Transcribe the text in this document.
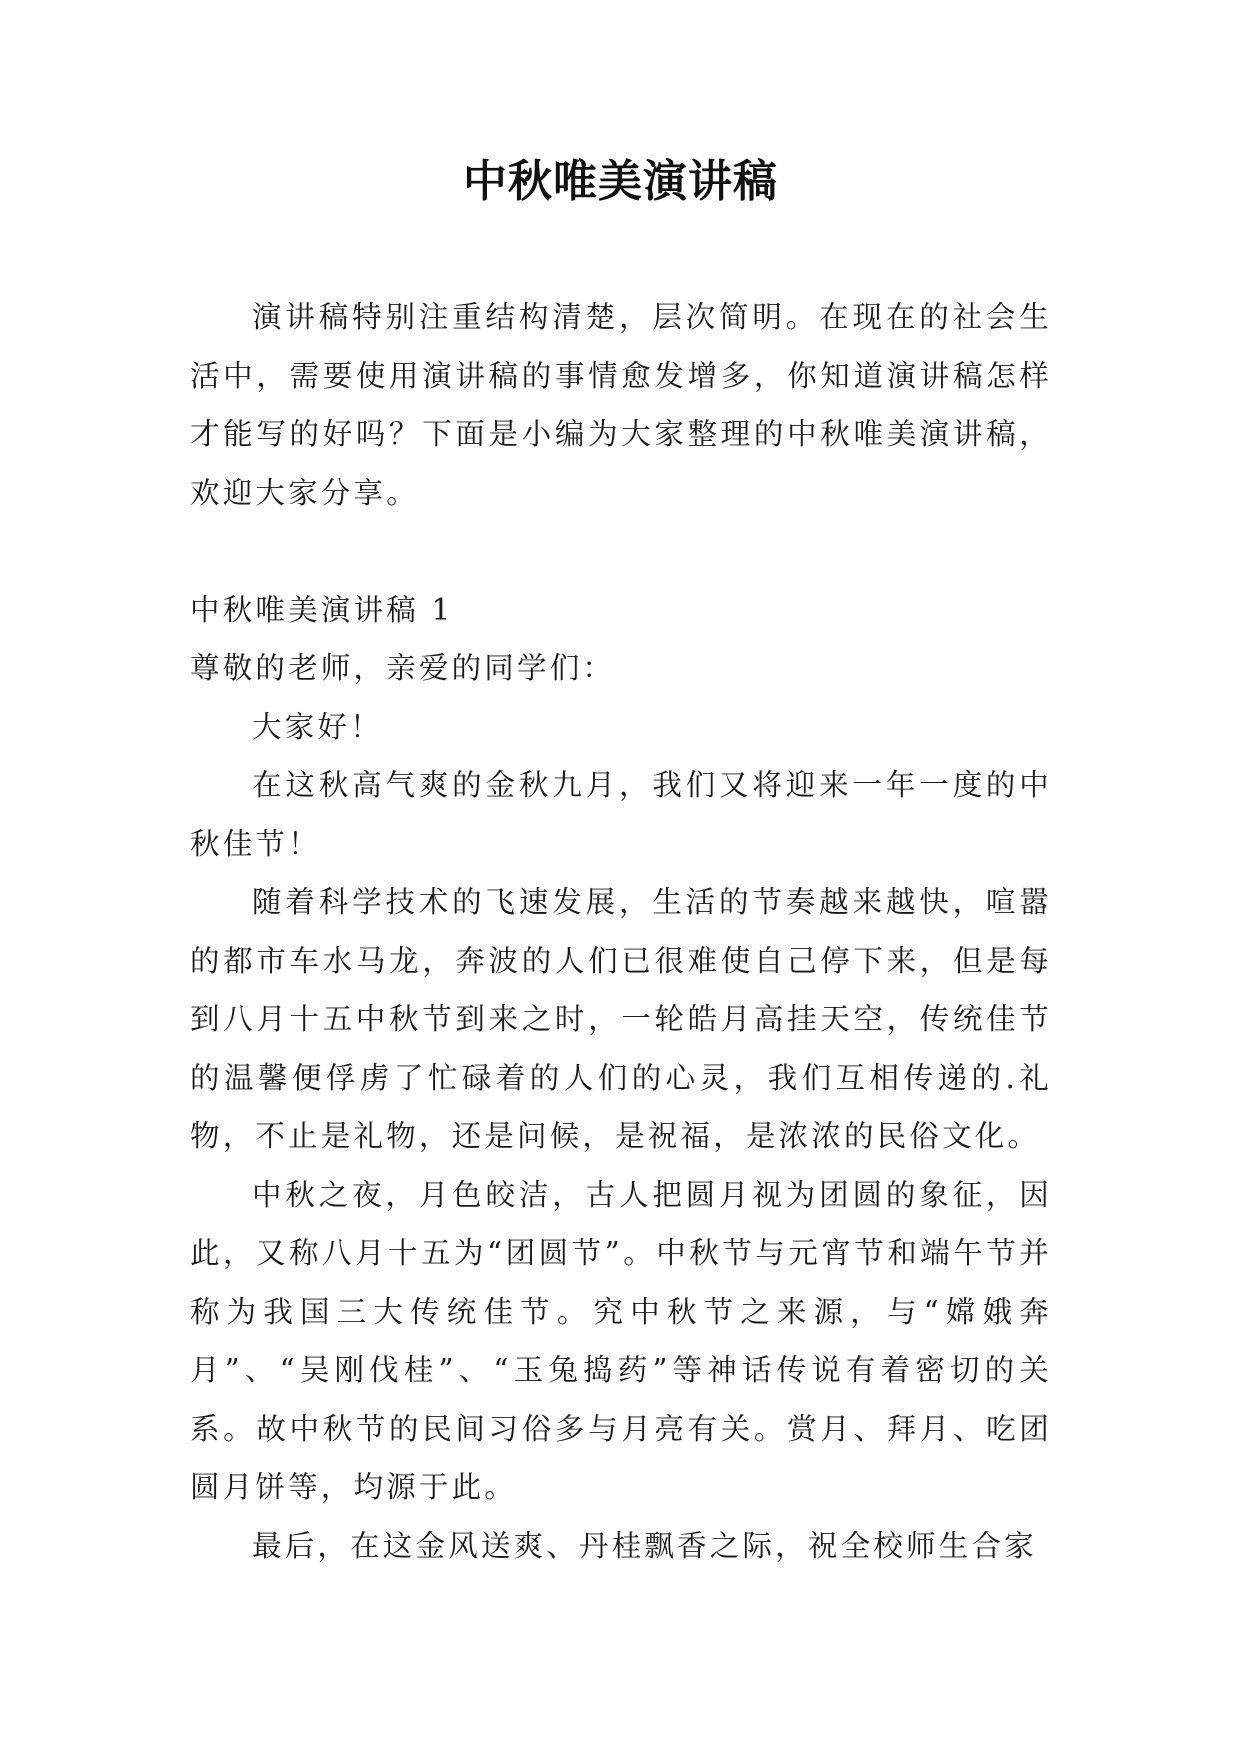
中秋唯美演讲稿

演讲稿特别注重结构清楚，层次简明。在现在的社会生活中，需要使用演讲稿的事情愈发增多，你知道演讲稿怎样才能写的好吗？下面是小编为大家整理的中秋唯美演讲稿，欢迎大家分享。

中秋唯美演讲稿 1

尊敬的老师，亲爱的同学们：

大家好！

在这秋高气爽的金秋九月，我们又将迎来一年一度的中秋佳节！

随着科学技术的飞速发展，生活的节奏越来越快，喧嚣的都市车水马龙，奔波的人们已很难使自己停下来，但是每到八月十五中秋节到来之时，一轮皓月高挂天空，传统佳节的温馨便俘虏了忙碌着的人们的心灵，我们互相传递的.礼物，不止是礼物，还是问候，是祝福，是浓浓的民俗文化。

中秋之夜，月色皎洁，古人把圆月视为团圆的象征，因此，又称八月十五为“团圆节”。中秋节与元宵节和端午节并称为我国三大传统佳节。究中秋节之来源，与“嫦娥奔月”、“吴刚伐桂”、“玉兔捣药”等神话传说有着密切的关系。故中秋节的民间习俗多与月亮有关。赏月、拜月、吃团圆月饼等，均源于此。

最后，在这金风送爽、丹桂飘香之际，祝全校师生合家
